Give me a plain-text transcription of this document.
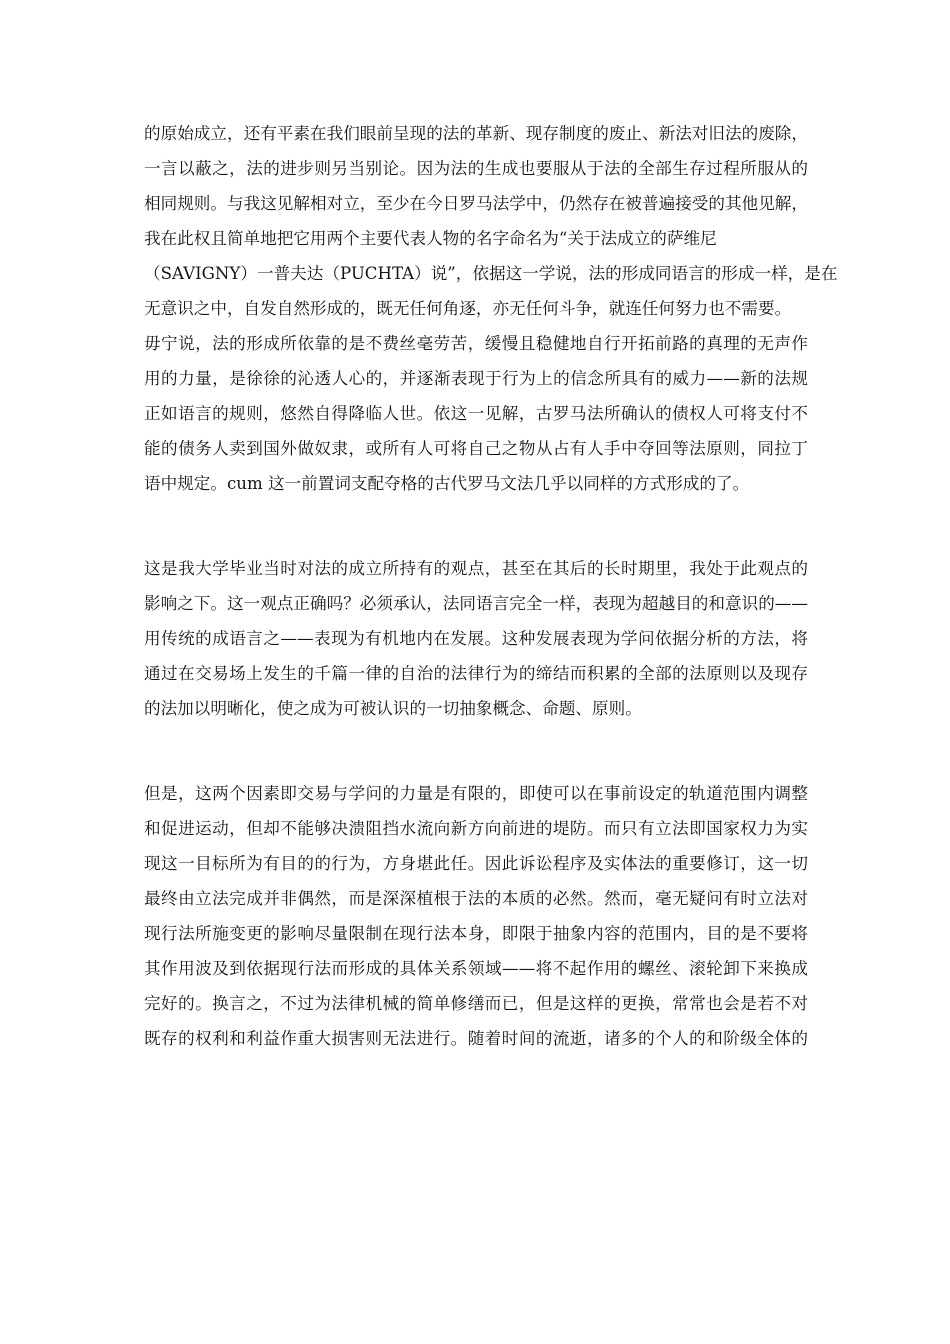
的原始成立，还有平素在我们眼前呈现的法的革新、现存制度的废止、新法对旧法的废除，
一言以蔽之，法的进步则另当别论。因为法的生成也要服从于法的全部生存过程所服从的
相同规则。与我这见解相对立，至少在今日罗马法学中，仍然存在被普遍接受的其他见解，
我在此权且简单地把它用两个主要代表人物的名字命名为“关于法成立的萨维尼
（SAVIGNY）一普夫达（PUCHTA）说”，依据这一学说，法的形成同语言的形成一样，是在
无意识之中，自发自然形成的，既无任何角逐，亦无任何斗争，就连任何努力也不需要。
毋宁说，法的形成所依靠的是不费丝毫劳苦，缓慢且稳健地自行开拓前路的真理的无声作
用的力量，是徐徐的沁透人心的，并逐渐表现于行为上的信念所具有的威力——新的法规
正如语言的规则，悠然自得降临人世。依这一见解，古罗马法所确认的债权人可将支付不
能的债务人卖到国外做奴隶，或所有人可将自己之物从占有人手中夺回等法原则，同拉丁
语中规定。cum 这一前置词支配夺格的古代罗马文法几乎以同样的方式形成的了。
这是我大学毕业当时对法的成立所持有的观点，甚至在其后的长时期里，我处于此观点的
影响之下。这一观点正确吗？必须承认，法同语言完全一样，表现为超越目的和意识的——
用传统的成语言之——表现为有机地内在发展。这种发展表现为学问依据分析的方法，将
通过在交易场上发生的千篇一律的自治的法律行为的缔结而积累的全部的法原则以及现存
的法加以明晰化，使之成为可被认识的一切抽象概念、命题、原则。
但是，这两个因素即交易与学问的力量是有限的，即使可以在事前设定的轨道范围内调整
和促进运动，但却不能够决溃阻挡水流向新方向前进的堤防。而只有立法即国家权力为实
现这一目标所为有目的的行为，方身堪此任。因此诉讼程序及实体法的重要修订，这一切
最终由立法完成并非偶然，而是深深植根于法的本质的必然。然而，毫无疑问有时立法对
现行法所施变更的影响尽量限制在现行法本身，即限于抽象内容的范围内，目的是不要将
其作用波及到依据现行法而形成的具体关系领域——将不起作用的螺丝、滚轮卸下来换成
完好的。换言之，不过为法律机械的简单修缮而已，但是这样的更换，常常也会是若不对
既存的权利和利益作重大损害则无法进行。随着时间的流逝，诸多的个人的和阶级全体的
